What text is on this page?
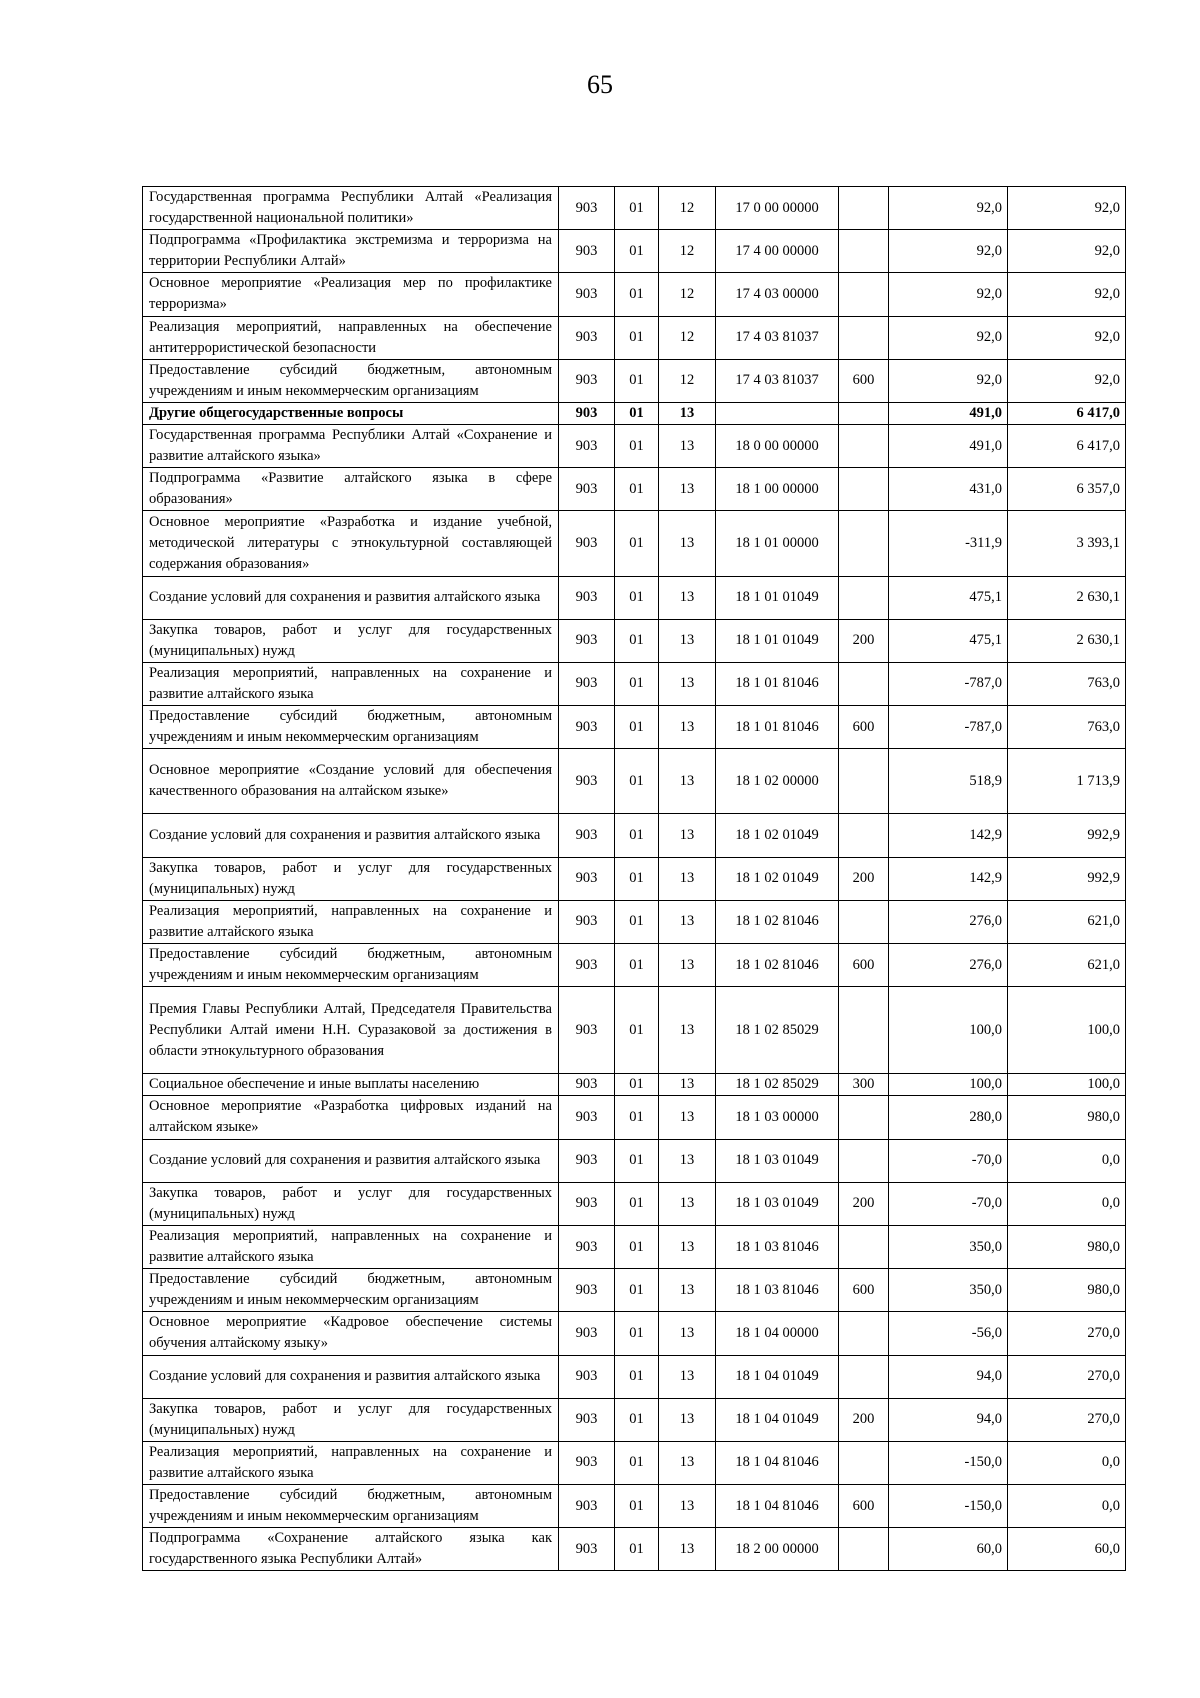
65
Государственная программа Республики Алтай «Реализация государственной национальной политики»	903	01	12	17 0 00 00000		92,0	92,0
Подпрограмма «Профилактика экстремизма и терроризма на территории Республики Алтай»	903	01	12	17 4 00 00000		92,0	92,0
Основное мероприятие «Реализация мер по профилактике терроризма»	903	01	12	17 4 03 00000		92,0	92,0
Реализация мероприятий, направленных на обеспечение антитеррористической безопасности	903	01	12	17 4 03 81037		92,0	92,0
Предоставление субсидий бюджетным, автономным учреждениям и иным некоммерческим организациям	903	01	12	17 4 03 81037	600	92,0	92,0
Другие общегосударственные вопросы	903	01	13			491,0	6 417,0
Государственная программа Республики Алтай «Сохранение и развитие алтайского языка»	903	01	13	18 0 00 00000		491,0	6 417,0
Подпрограмма «Развитие алтайского языка в сфере образования»	903	01	13	18 1 00 00000		431,0	6 357,0
Основное мероприятие «Разработка и издание учебной, методической литературы с этнокультурной составляющей содержания образования»	903	01	13	18 1 01 00000		-311,9	3 393,1
Создание условий для сохранения и развития алтайского языка	903	01	13	18 1 01 01049		475,1	2 630,1
Закупка товаров, работ и услуг для государственных (муниципальных) нужд	903	01	13	18 1 01 01049	200	475,1	2 630,1
Реализация мероприятий, направленных на сохранение и развитие алтайского языка	903	01	13	18 1 01 81046		-787,0	763,0
Предоставление субсидий бюджетным, автономным учреждениям и иным некоммерческим организациям	903	01	13	18 1 01 81046	600	-787,0	763,0
Основное мероприятие «Создание условий для обеспечения качественного образования на алтайском языке»	903	01	13	18 1 02 00000		518,9	1 713,9
Создание условий для сохранения и развития алтайского языка	903	01	13	18 1 02 01049		142,9	992,9
Закупка товаров, работ и услуг для государственных (муниципальных) нужд	903	01	13	18 1 02 01049	200	142,9	992,9
Реализация мероприятий, направленных на сохранение и развитие алтайского языка	903	01	13	18 1 02 81046		276,0	621,0
Предоставление субсидий бюджетным, автономным учреждениям и иным некоммерческим организациям	903	01	13	18 1 02 81046	600	276,0	621,0
Премия Главы Республики Алтай, Председателя Правительства Республики Алтай имени Н.Н. Суразаковой за достижения в области этнокультурного образования	903	01	13	18 1 02 85029		100,0	100,0
Социальное обеспечение и иные выплаты населению	903	01	13	18 1 02 85029	300	100,0	100,0
Основное мероприятие «Разработка цифровых изданий на алтайском языке»	903	01	13	18 1 03 00000		280,0	980,0
Создание условий для сохранения и развития алтайского языка	903	01	13	18 1 03 01049		-70,0	0,0
Закупка товаров, работ и услуг для государственных (муниципальных) нужд	903	01	13	18 1 03 01049	200	-70,0	0,0
Реализация мероприятий, направленных на сохранение и развитие алтайского языка	903	01	13	18 1 03 81046		350,0	980,0
Предоставление субсидий бюджетным, автономным учреждениям и иным некоммерческим организациям	903	01	13	18 1 03 81046	600	350,0	980,0
Основное мероприятие «Кадровое обеспечение системы обучения алтайскому языку»	903	01	13	18 1 04 00000		-56,0	270,0
Создание условий для сохранения и развития алтайского языка	903	01	13	18 1 04 01049		94,0	270,0
Закупка товаров, работ и услуг для государственных (муниципальных) нужд	903	01	13	18 1 04 01049	200	94,0	270,0
Реализация мероприятий, направленных на сохранение и развитие алтайского языка	903	01	13	18 1 04 81046		-150,0	0,0
Предоставление субсидий бюджетным, автономным учреждениям и иным некоммерческим организациям	903	01	13	18 1 04 81046	600	-150,0	0,0
Подпрограмма «Сохранение алтайского языка как государственного языка Республики Алтай»	903	01	13	18 2 00 00000		60,0	60,0
